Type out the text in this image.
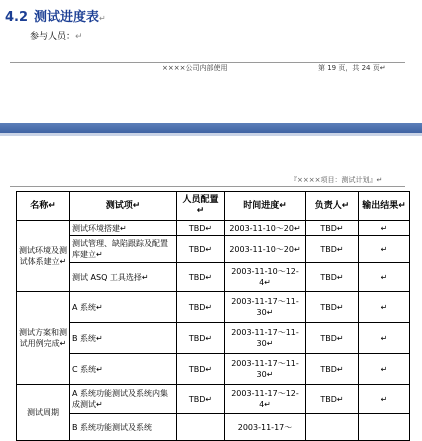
4.2 测试进度表↵
参与人员：↵
××××公司内部使用	第 19 页，共 24 页↵
『××××项目：测试计划』↵
名称↵	测试项↵	人员配置↵	时间进度↵	负责人↵	输出结果↵
测试环境及测试体系建立↵	测试环境搭建↵	TBD↵	2003-11-10～20↵	TBD↵	↵
	测试管理、缺陷跟踪及配置库建立↵	TBD↵	2003-11-10～20↵	TBD↵	↵
	测试 ASQ 工具选择↵	TBD↵	2003-11-10～12-4↵	TBD↵	↵
测试方案和测试用例完成↵	A 系统↵	TBD↵	2003-11-17～11-30↵	TBD↵	↵
	B 系统↵	TBD↵	2003-11-17～11-30↵	TBD↵	↵
	C 系统↵	TBD↵	2003-11-17～11-30↵	TBD↵	↵
测试周期	A 系统功能测试及系统内集成测试↵	TBD↵	2003-11-17～12-4↵	TBD↵	↵
	B 系统功能测试及系统		2003-11-17～		
